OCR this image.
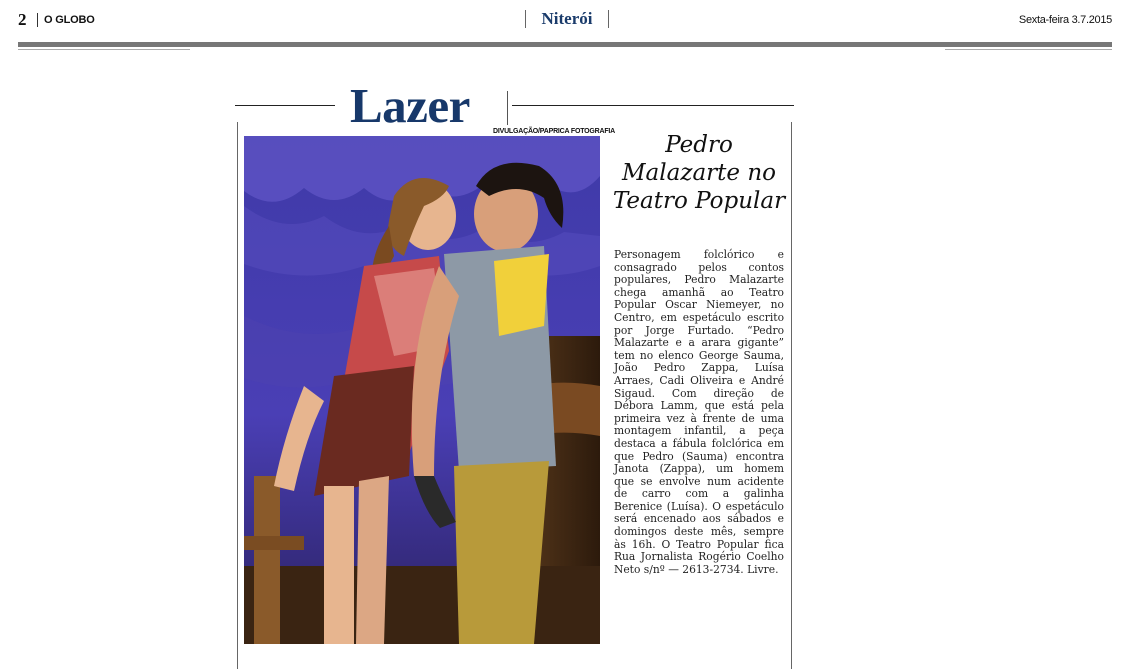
2	O GLOBO	Niterói	Sexta-feira 3.7.2015
Lazer	DIVULGAÇÃO/PAPRICA FOTOGRAFIA
Pedro Malazarte no Teatro Popular
Personagem folclórico e consagrado pelos contos populares, Pedro Malazarte chega amanhã ao Teatro Popular Oscar Niemeyer, no Centro, em espetáculo escrito por Jorge Furtado. “Pedro Malazarte e a arara gigante” tem no elenco George Sauma, João Pedro Zappa, Luísa Arraes, Cadi Oliveira e André Sigaud. Com direção de Débora Lamm, que está pela primeira vez à frente de uma montagem infantil, a peça destaca a fábula folclórica em que Pedro (Sauma) encontra Janota (Zappa), um homem que se envolve num acidente de carro com a galinha Berenice (Luísa). O espetáculo será encenado aos sábados e domingos deste mês, sempre às 16h. O Teatro Popular fica Rua Jornalista Rogério Coelho Neto s/nº — 2613-2734. Livre.
